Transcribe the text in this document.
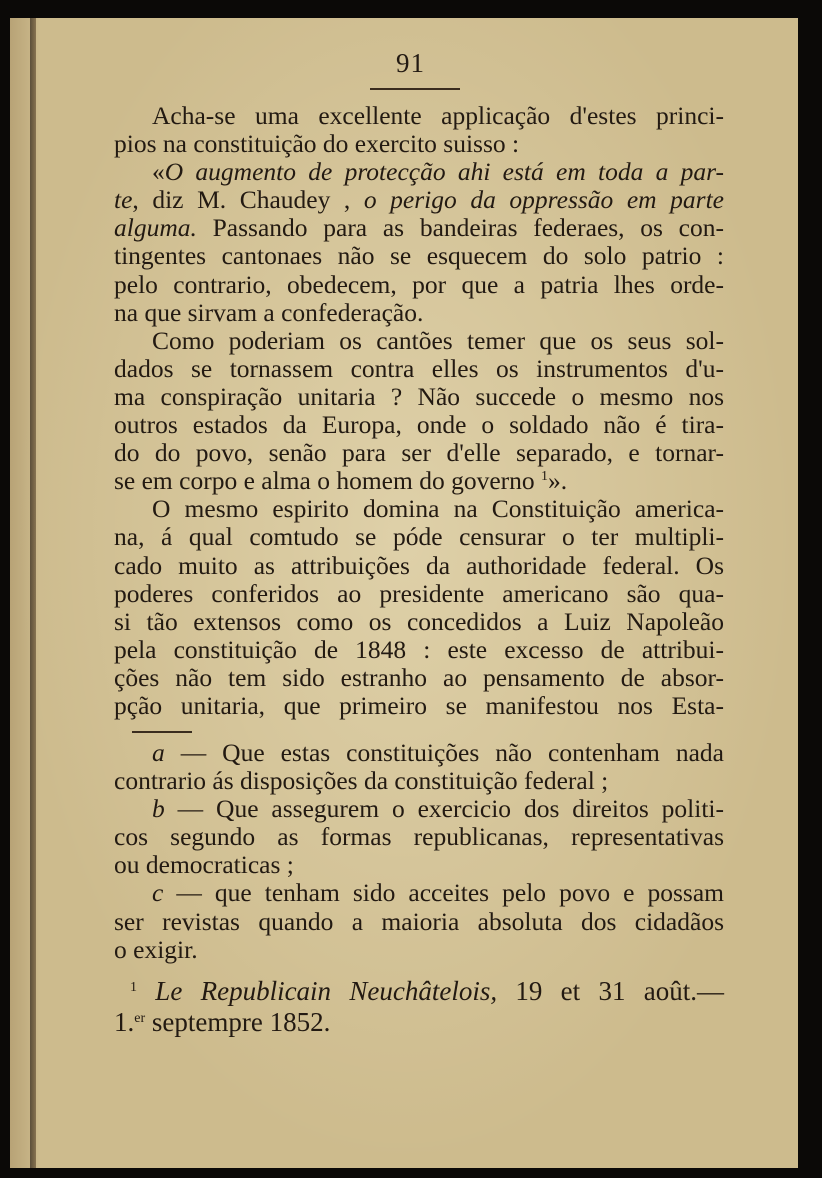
91
Acha-se uma excellente applicação d'estes princi-
pios na constituição do exercito suisso :
«O augmento de protecção ahi está em toda a par-
te, diz M. Chaudey , o perigo da oppressão em parte
alguma. Passando para as bandeiras federaes, os con-
tingentes cantonaes não se esquecem do solo patrio :
pelo contrario, obedecem, por que a patria lhes orde-
na que sirvam a confederação.
Como poderiam os cantões temer que os seus sol-
dados se tornassem contra elles os instrumentos d'u-
ma conspiração unitaria ? Não succede o mesmo nos
outros estados da Europa, onde o soldado não é tira-
do do povo, senão para ser d'elle separado, e tornar-
se em corpo e alma o homem do governo $^1$».
O mesmo espirito domina na Constituição america-
na, á qual comtudo se póde censurar o ter multipli-
cado muito as attribuições da authoridade federal. Os
poderes conferidos ao presidente americano são qua-
si tão extensos como os concedidos a Luiz Napoleão
pela constituição de 1848 : este excesso de attribui-
ções não tem sido estranho ao pensamento de absor-
pção unitaria, que primeiro se manifestou nos Esta-
a — Que estas constituições não contenham nada
contrario ás disposições da constituição federal ;
b — Que assegurem o exercicio dos direitos politi-
cos segundo as formas republicanas, representativas
ou democraticas ;
c — que tenham sido acceites pelo povo e possam
ser revistas quando a maioria absoluta dos cidadãos
o exigir.
$^1$ Le Republicain Neuchâtelois, 19 et 31 août.—
1.$^{er}$ septempre 1852.
